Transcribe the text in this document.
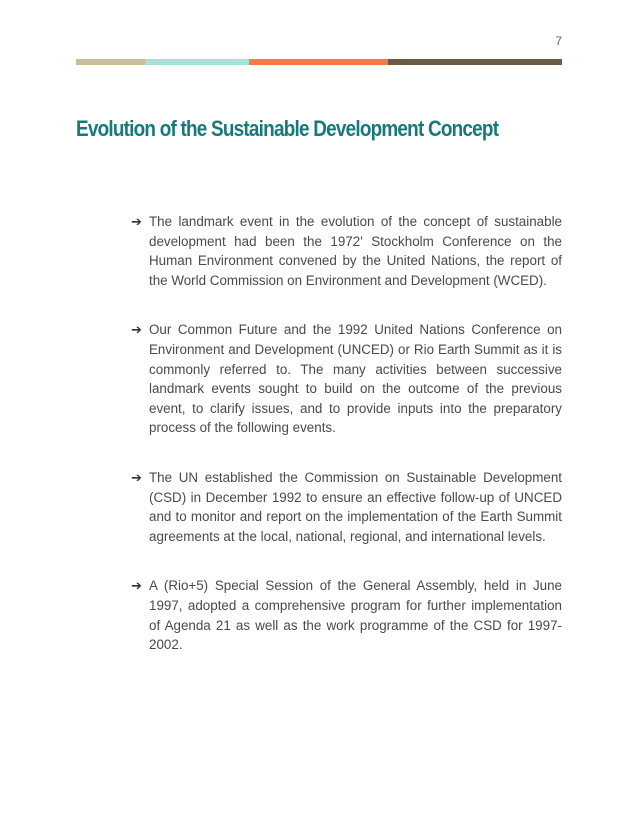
7
Evolution of the Sustainable Development Concept
➔ The landmark event in the evolution of the concept of sustainable development had been the 1972' Stockholm Conference on the Human Environment convened by the United Nations, the report of the World Commission on Environment and Development (WCED).
➔ Our Common Future and the 1992 United Nations Conference on Environment and Development (UNCED) or Rio Earth Summit as it is commonly referred to. The many activities between successive landmark events sought to build on the outcome of the previous event, to clarify issues, and to provide inputs into the preparatory process of the following events.
➔ The UN established the Commission on Sustainable Development (CSD) in December 1992 to ensure an effective follow-up of UNCED and to monitor and report on the implementation of the Earth Summit agreements at the local, national, regional, and international levels.
➔ A (Rio+5) Special Session of the General Assembly, held in June 1997, adopted a comprehensive program for further implementation of Agenda 21 as well as the work programme of the CSD for 1997- 2002.
